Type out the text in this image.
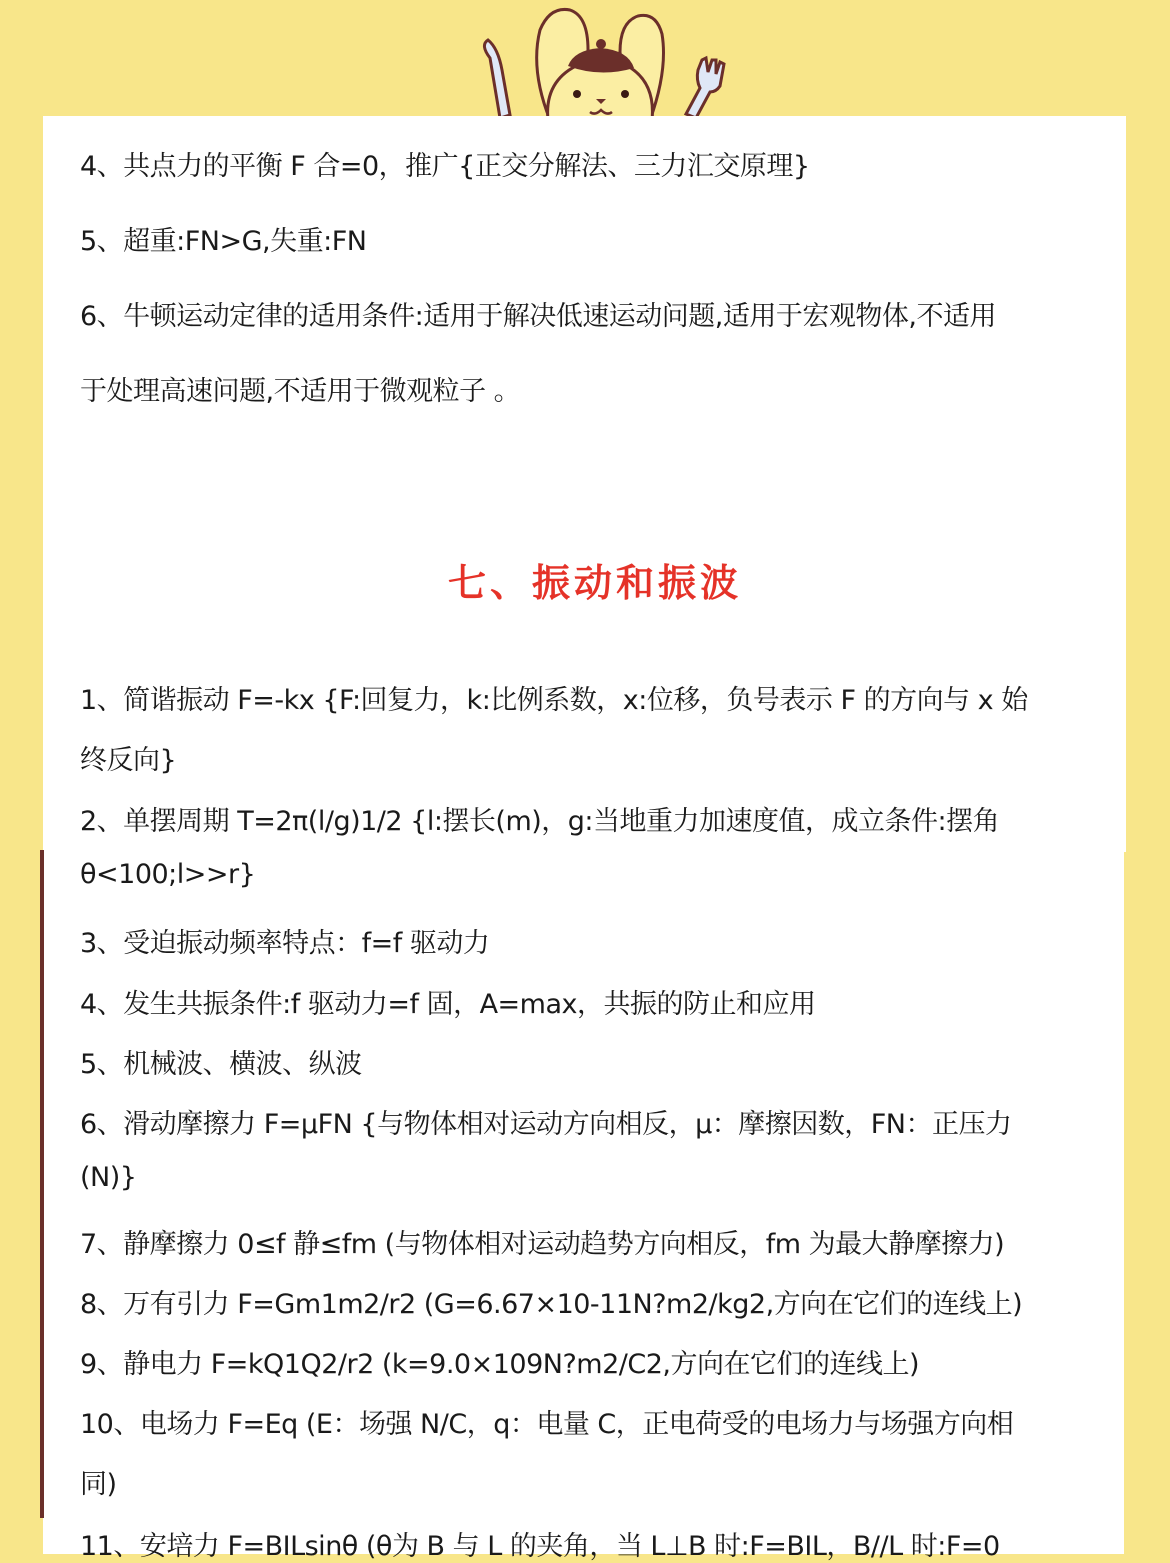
4、共点力的平衡 F 合=0，推广{正交分解法、三力汇交原理}
5、超重:FN>G,失重:FN
6、牛顿运动定律的适用条件:适用于解决低速运动问题,适用于宏观物体,不适用
于处理高速问题,不适用于微观粒子 。
七、振动和振波
1、简谐振动 F=-kx {F:回复力，k:比例系数，x:位移，负号表示 F 的方向与 x 始
终反向}
2、单摆周期 T=2π(l/g)1/2 {l:摆长(m)，g:当地重力加速度值，成立条件:摆角
θ<100;l>>r}
3、受迫振动频率特点：f=f 驱动力
4、发生共振条件:f 驱动力=f 固，A=max，共振的防止和应用
5、机械波、横波、纵波
6、滑动摩擦力 F=μFN {与物体相对运动方向相反，μ：摩擦因数，FN：正压力
(N)}
7、静摩擦力 0≤f 静≤fm (与物体相对运动趋势方向相反，fm 为最大静摩擦力)
8、万有引力 F=Gm1m2/r2 (G=6.67×10-11N?m2/kg2,方向在它们的连线上)
9、静电力 F=kQ1Q2/r2 (k=9.0×109N?m2/C2,方向在它们的连线上)
10、电场力 F=Eq (E：场强 N/C，q：电量 C，正电荷受的电场力与场强方向相
同)
11、安培力 F=BILsinθ (θ为 B 与 L 的夹角，当 L⊥B 时:F=BIL，B//L 时:F=0
